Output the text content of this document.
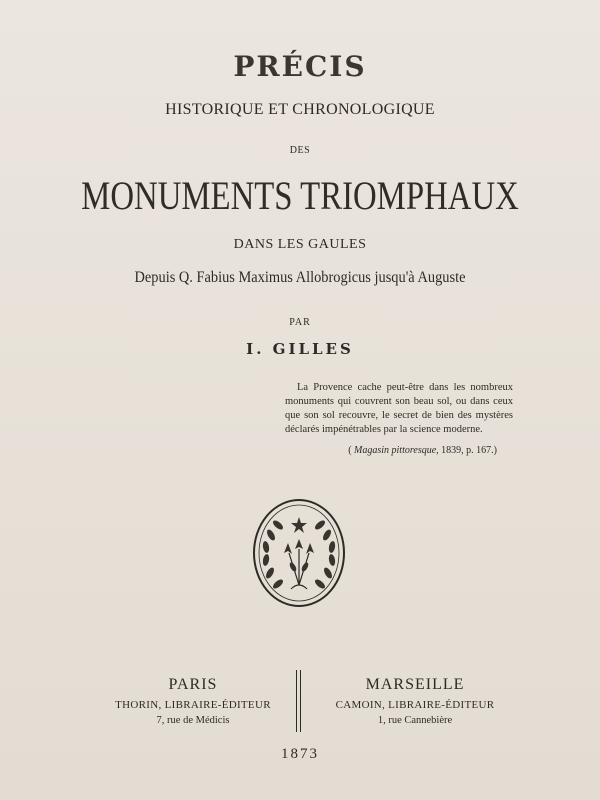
PRÉCIS
HISTORIQUE ET CHRONOLOGIQUE
DES
MONUMENTS TRIOMPHAUX
DANS LES GAULES
Depuis Q. Fabius Maximus Allobrogicus jusqu'à Auguste
PAR
I. GILLES
La Provence cache peut-être dans les nombreux monuments qui couvrent son beau sol, ou dans ceux que son sol recouvre, le secret de bien des mystères déclarés impénétrables par la science moderne.
( Magasin pittoresque, 1839, p. 167.)
PARIS
THORIN, LIBRAIRE-ÉDITEUR
7, rue de Médicis
MARSEILLE
CAMOIN, LIBRAIRE-ÉDITEUR
1, rue Cannebière
1873
